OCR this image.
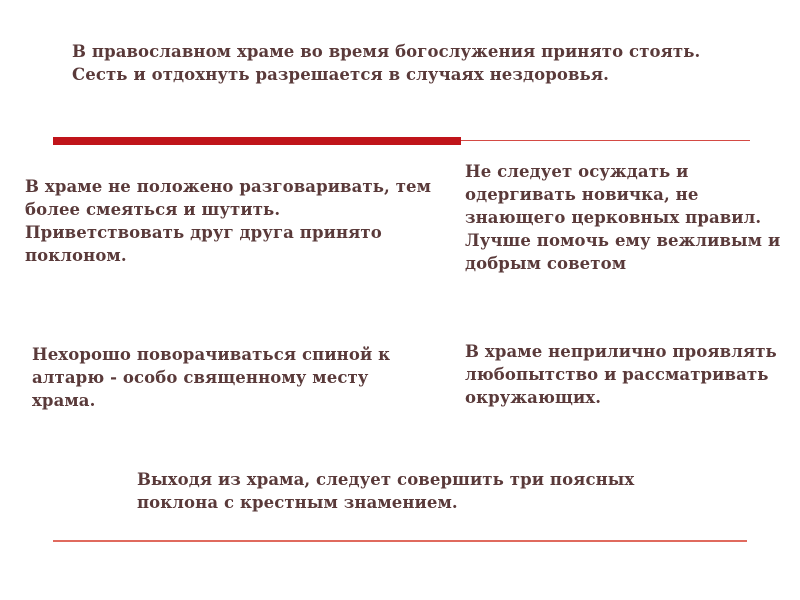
В православном храме во время богослужения принято стоять. Сесть и отдохнуть разрешается в случаях нездоровья.
В храме не положено разговаривать, тем более смеяться и шутить. Приветствовать друг друга принято поклоном.
Не следует осуждать и одергивать новичка, не знающего церковных правил. Лучше помочь ему вежливым и добрым советом
Нехорошо поворачиваться спиной к алтарю - особо священному месту храма.
В храме неприлично проявлять любопытство и рассматривать окружающих.
Выходя из храма, следует совершить три поясных поклона с крестным знамением.
